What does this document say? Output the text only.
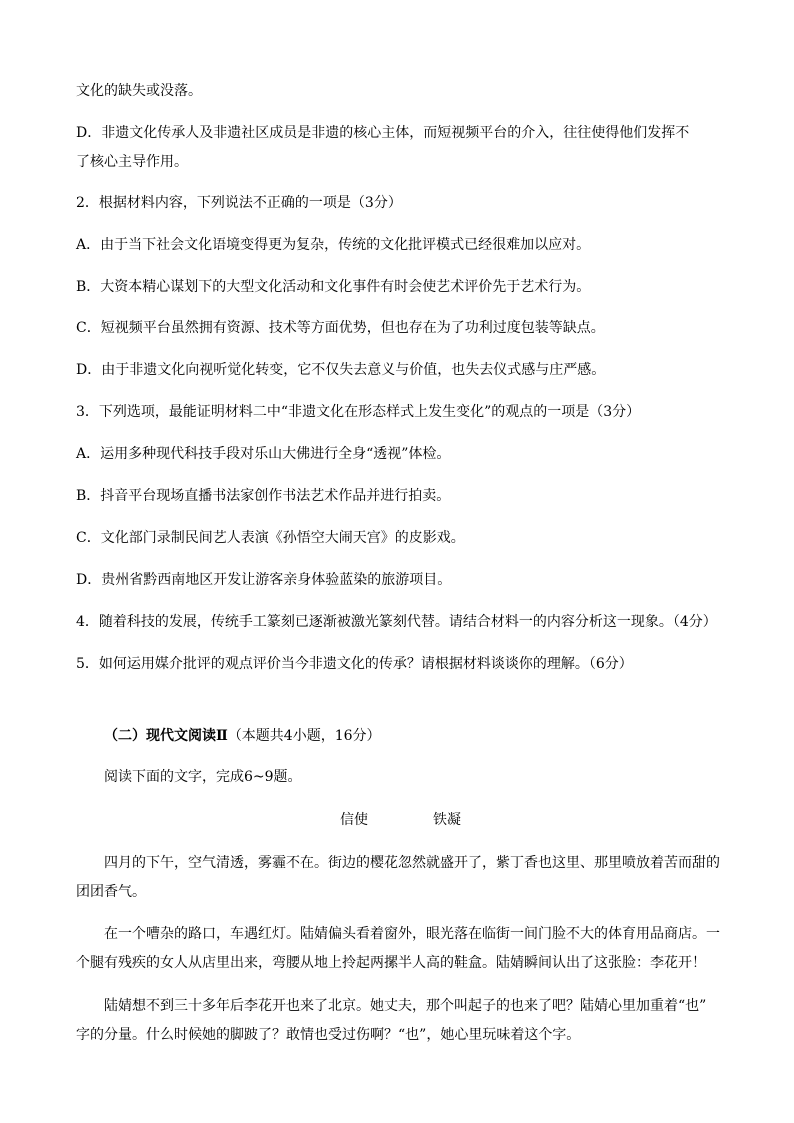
文化的缺失或没落。
D．非遗文化传承人及非遗社区成员是非遗的核心主体，而短视频平台的介入，往往使得他们发挥不
了核心主导作用。
2．根据材料内容，下列说法不正确的一项是（3分）
A．由于当下社会文化语境变得更为复杂，传统的文化批评模式已经很难加以应对。
B．大资本精心谋划下的大型文化活动和文化事件有时会使艺术评价先于艺术行为。
C．短视频平台虽然拥有资源、技术等方面优势，但也存在为了功利过度包装等缺点。
D．由于非遗文化向视听觉化转变，它不仅失去意义与价值，也失去仪式感与庄严感。
3．下列选项，最能证明材料二中“非遗文化在形态样式上发生变化”的观点的一项是（3分）
A．运用多种现代科技手段对乐山大佛进行全身“透视”体检。
B．抖音平台现场直播书法家创作书法艺术作品并进行拍卖。
C．文化部门录制民间艺人表演《孙悟空大闹天宫》的皮影戏。
D．贵州省黔西南地区开发让游客亲身体验蓝染的旅游项目。
4．随着科技的发展，传统手工篆刻已逐渐被激光篆刻代替。请结合材料一的内容分析这一现象。（4分）
5．如何运用媒介批评的观点评价当今非遗文化的传承？请根据材料谈谈你的理解。（6分）
（二）现代文阅读Ⅱ（本题共4小题，16分）
阅读下面的文字，完成6~9题。
信使	铁凝
四月的下午，空气清透，雾霾不在。街边的樱花忽然就盛开了，紫丁香也这里、那里喷放着苦而甜的
团团香气。
在一个嘈杂的路口，车遇红灯。陆婧偏头看着窗外，眼光落在临街一间门脸不大的体育用品商店。一
个腿有残疾的女人从店里出来，弯腰从地上拎起两摞半人高的鞋盒。陆婧瞬间认出了这张脸：李花开！
陆婧想不到三十多年后李花开也来了北京。她丈夫，那个叫起子的也来了吧？陆婧心里加重着“也”
字的分量。什么时候她的脚跛了？敢情也受过伤啊？“也”，她心里玩味着这个字。
